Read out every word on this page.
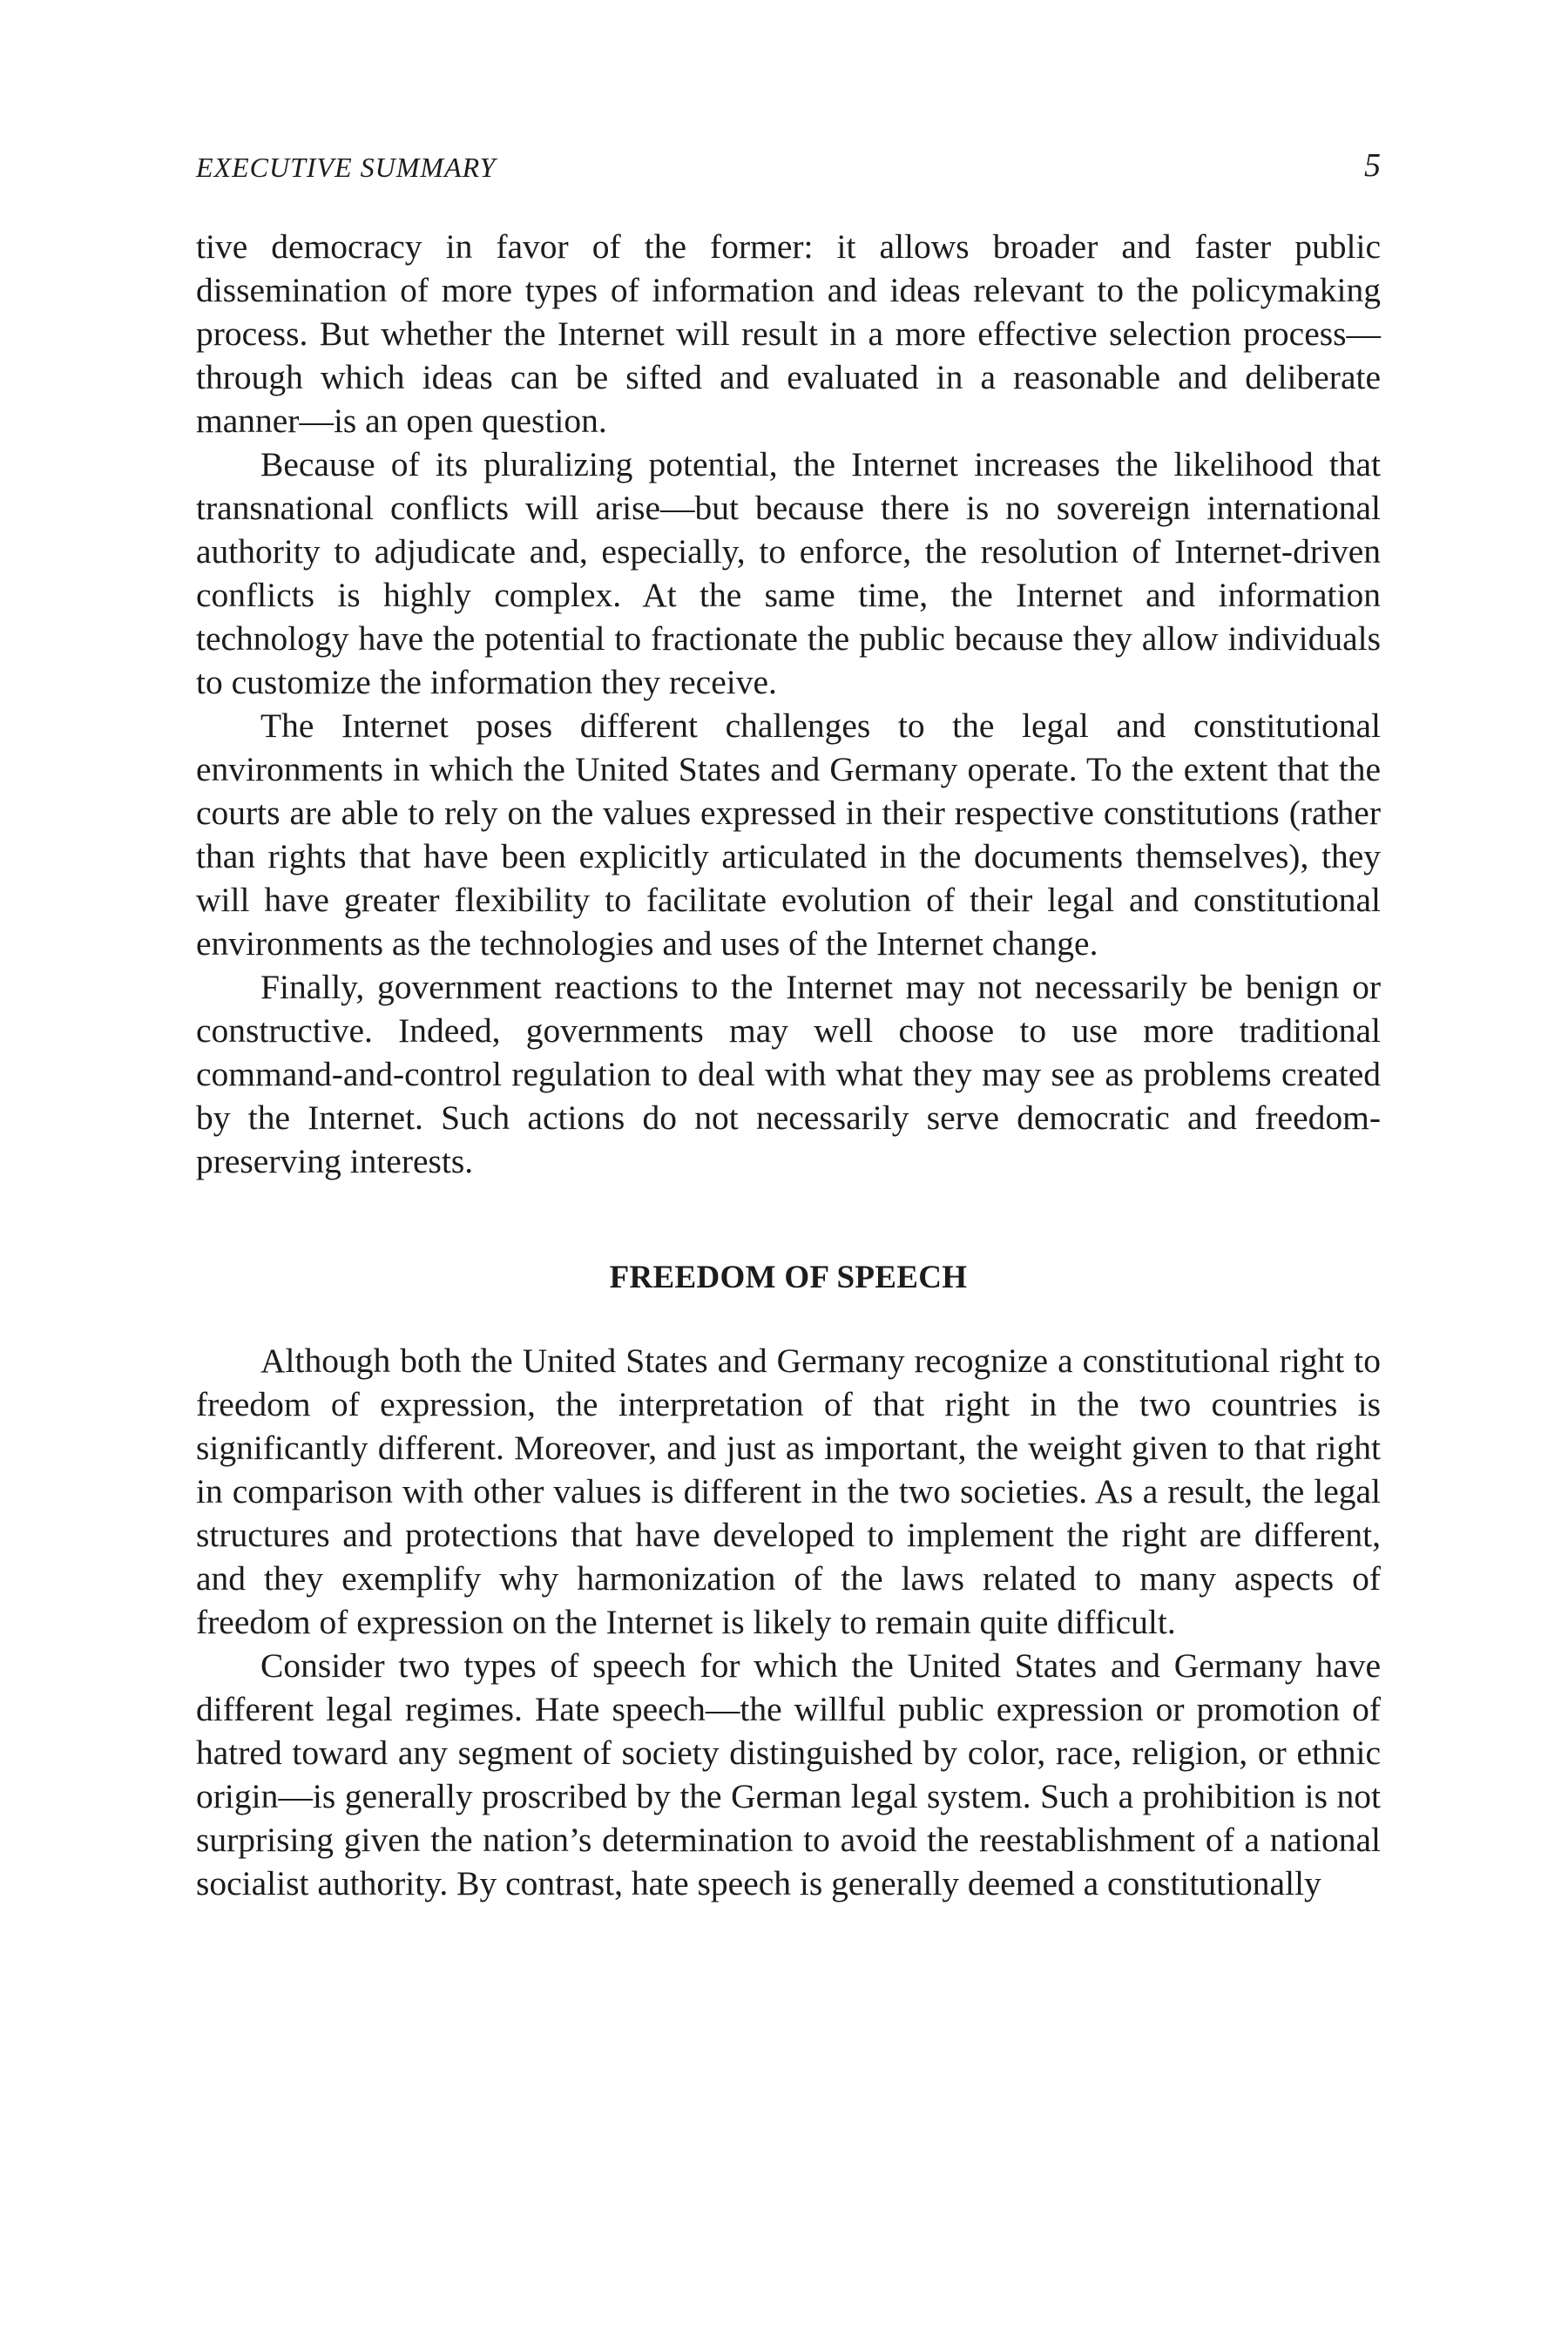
EXECUTIVE SUMMARY	5

tive democracy in favor of the former: it allows broader and faster public dissemination of more types of information and ideas relevant to the policymaking process. But whether the Internet will result in a more effective selection process—through which ideas can be sifted and evaluated in a reasonable and deliberate manner—is an open question.

Because of its pluralizing potential, the Internet increases the likelihood that transnational conflicts will arise—but because there is no sovereign international authority to adjudicate and, especially, to enforce, the resolution of Internet-driven conflicts is highly complex. At the same time, the Internet and information technology have the potential to fractionate the public because they allow individuals to customize the information they receive.

The Internet poses different challenges to the legal and constitutional environments in which the United States and Germany operate. To the extent that the courts are able to rely on the values expressed in their respective constitutions (rather than rights that have been explicitly articulated in the documents themselves), they will have greater flexibility to facilitate evolution of their legal and constitutional environments as the technologies and uses of the Internet change.

Finally, government reactions to the Internet may not necessarily be benign or constructive. Indeed, governments may well choose to use more traditional command-and-control regulation to deal with what they may see as problems created by the Internet. Such actions do not necessarily serve democratic and freedom-preserving interests.

FREEDOM OF SPEECH

Although both the United States and Germany recognize a constitutional right to freedom of expression, the interpretation of that right in the two countries is significantly different. Moreover, and just as important, the weight given to that right in comparison with other values is different in the two societies. As a result, the legal structures and protections that have developed to implement the right are different, and they exemplify why harmonization of the laws related to many aspects of freedom of expression on the Internet is likely to remain quite difficult.

Consider two types of speech for which the United States and Germany have different legal regimes. Hate speech—the willful public expression or promotion of hatred toward any segment of society distinguished by color, race, religion, or ethnic origin—is generally proscribed by the German legal system. Such a prohibition is not surprising given the nation’s determination to avoid the reestablishment of a national socialist authority. By contrast, hate speech is generally deemed a constitutionally
